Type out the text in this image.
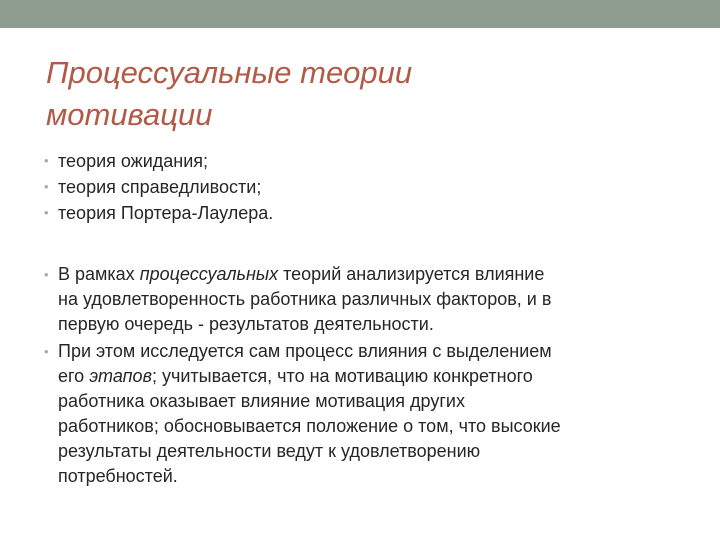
Процессуальные теории
мотивации
• теория ожидания;
• теория справедливости;
• теория Портера-Лаулера.
• В рамках процессуальных теорий анализируется влияние
на удовлетворенность работника различных факторов, и в
первую очередь - результатов деятельности.
• При этом исследуется сам процесс влияния с выделением
его этапов; учитывается, что на мотивацию конкретного
работника оказывает влияние мотивация других
работников; обосновывается положение о том, что высокие
результаты деятельности ведут к удовлетворению
потребностей.
